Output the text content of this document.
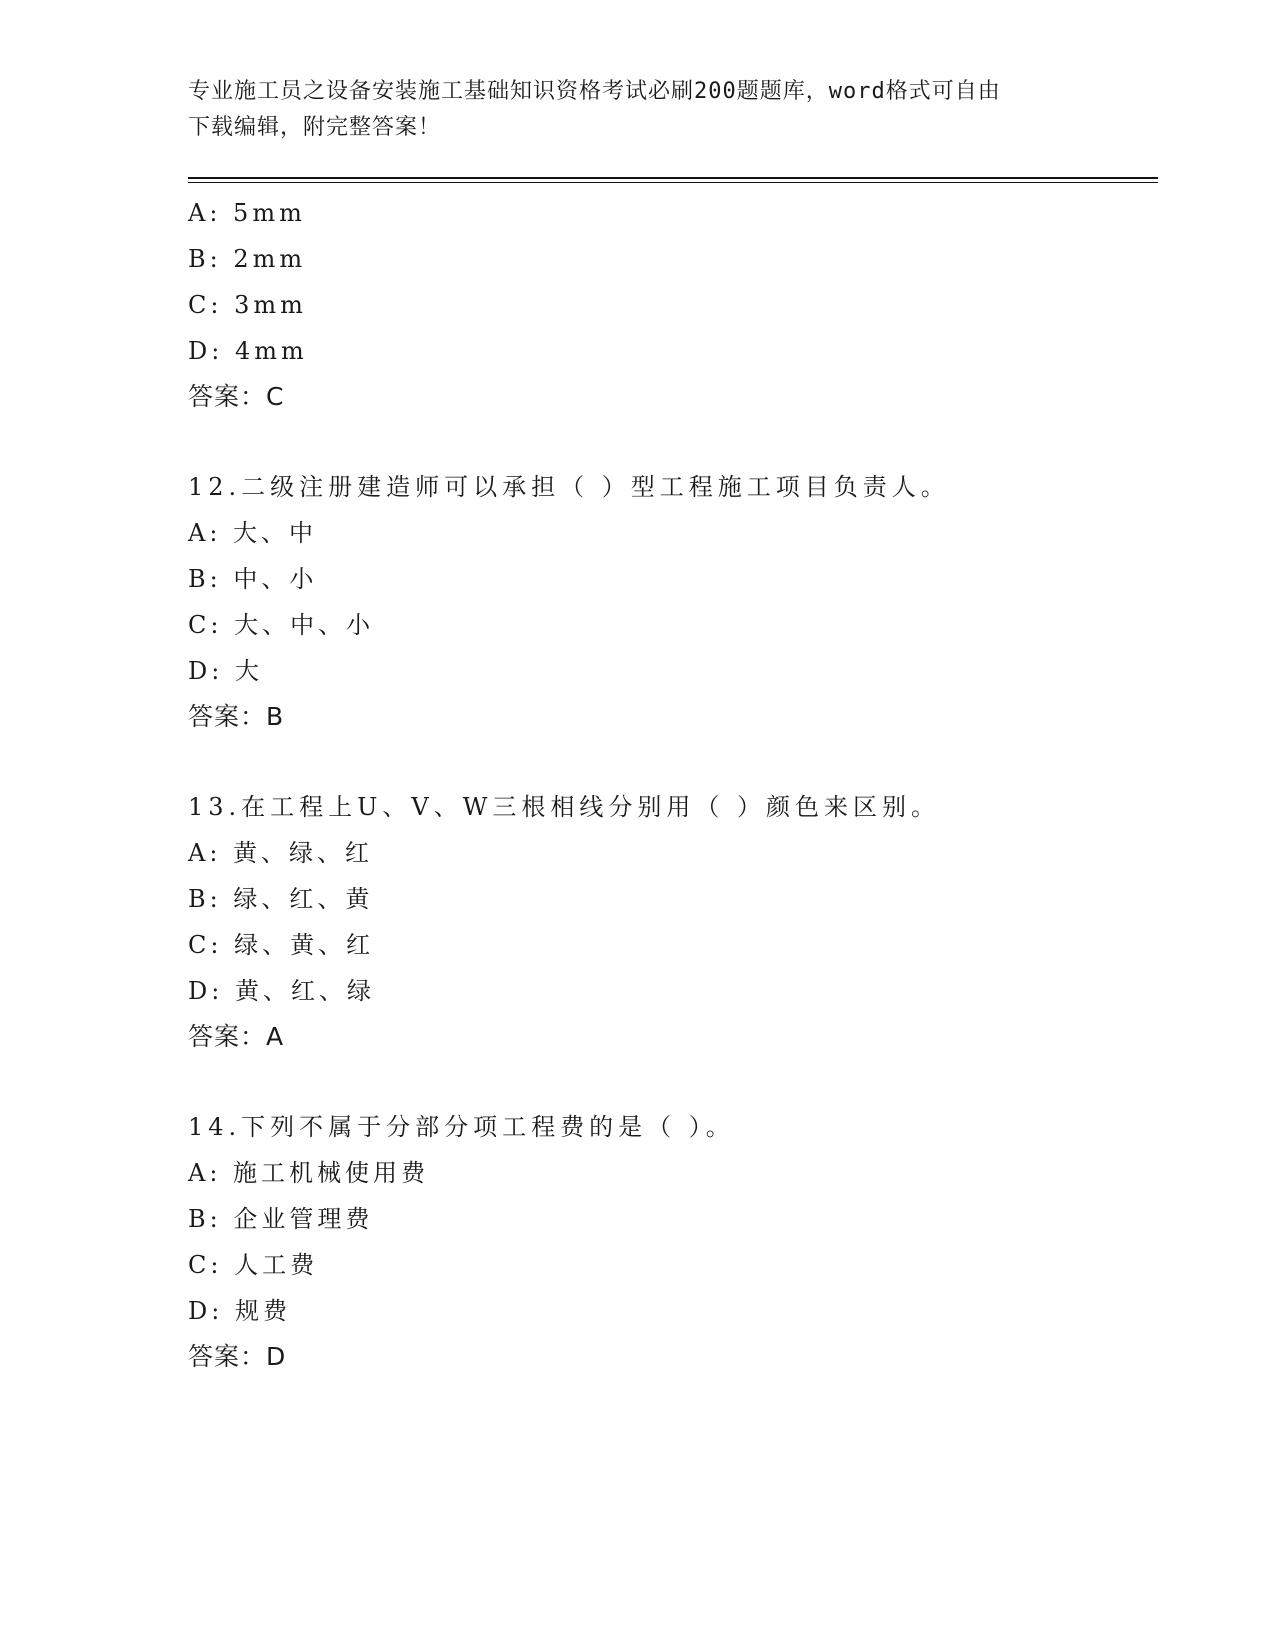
专业施工员之设备安装施工基础知识资格考试必刷200题题库，word格式可自由
下载编辑，附完整答案！
A: 5mm
B: 2mm
C: 3mm
D: 4mm
答案：C
12.二级注册建造师可以承担（ ）型工程施工项目负责人。
A: 大、中
B: 中、小
C: 大、中、小
D: 大
答案：B
13.在工程上U、V、W三根相线分别用（ ）颜色来区别。
A: 黄、绿、红
B: 绿、红、黄
C: 绿、黄、红
D: 黄、红、绿
答案：A
14.下列不属于分部分项工程费的是（ ）。
A: 施工机械使用费
B: 企业管理费
C: 人工费
D: 规费
答案：D
